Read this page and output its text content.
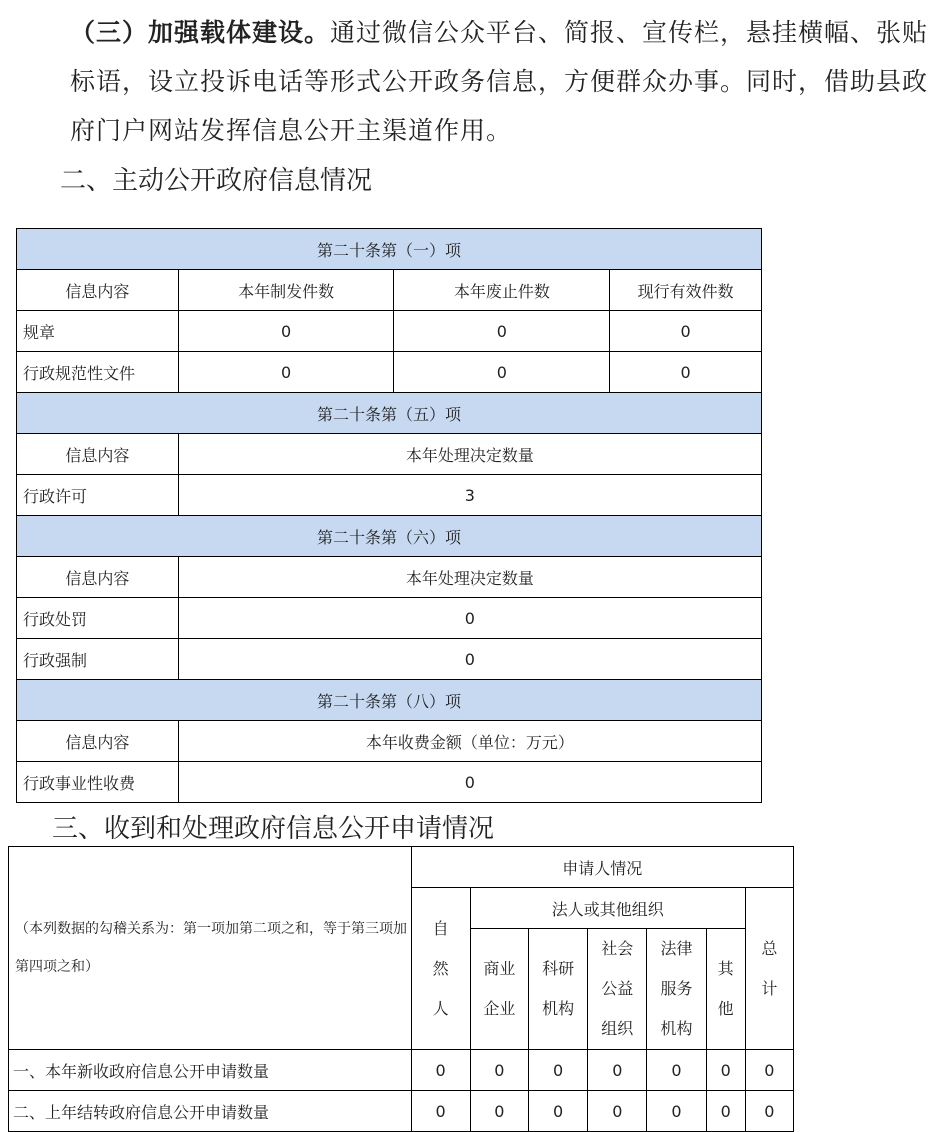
（三）加强载体建设。通过微信公众平台、简报、宣传栏，悬挂横幅、张贴标语，设立投诉电话等形式公开政务信息，方便群众办事。同时，借助县政府门户网站发挥信息公开主渠道作用。
二、主动公开政府信息情况
第二十条第（一）项			
信息内容	本年制发件数	本年废止件数	现行有效件数
规章	0	0	0
行政规范性文件	0	0	0
第二十条第（五）项			
信息内容	本年处理决定数量		
行政许可	3		
第二十条第（六）项			
信息内容	本年处理决定数量		
行政处罚	0		
行政强制	0		
第二十条第（八）项			
信息内容	本年收费金额（单位：万元）		
行政事业性收费	0		
三、收到和处理政府信息公开申请情况
（本列数据的勾稽关系为：第一项加第二项之和，等于第三项加第四项之和）	申请人情况						

	自然人	法人或其他组织					总计

		商业企业	科研机构	社会公益组织	法律服务机构	其他	

一、本年新收政府信息公开申请数量	0	0	0	0	0	0	0
二、上年结转政府信息公开申请数量	0	0	0	0	0	0	0
